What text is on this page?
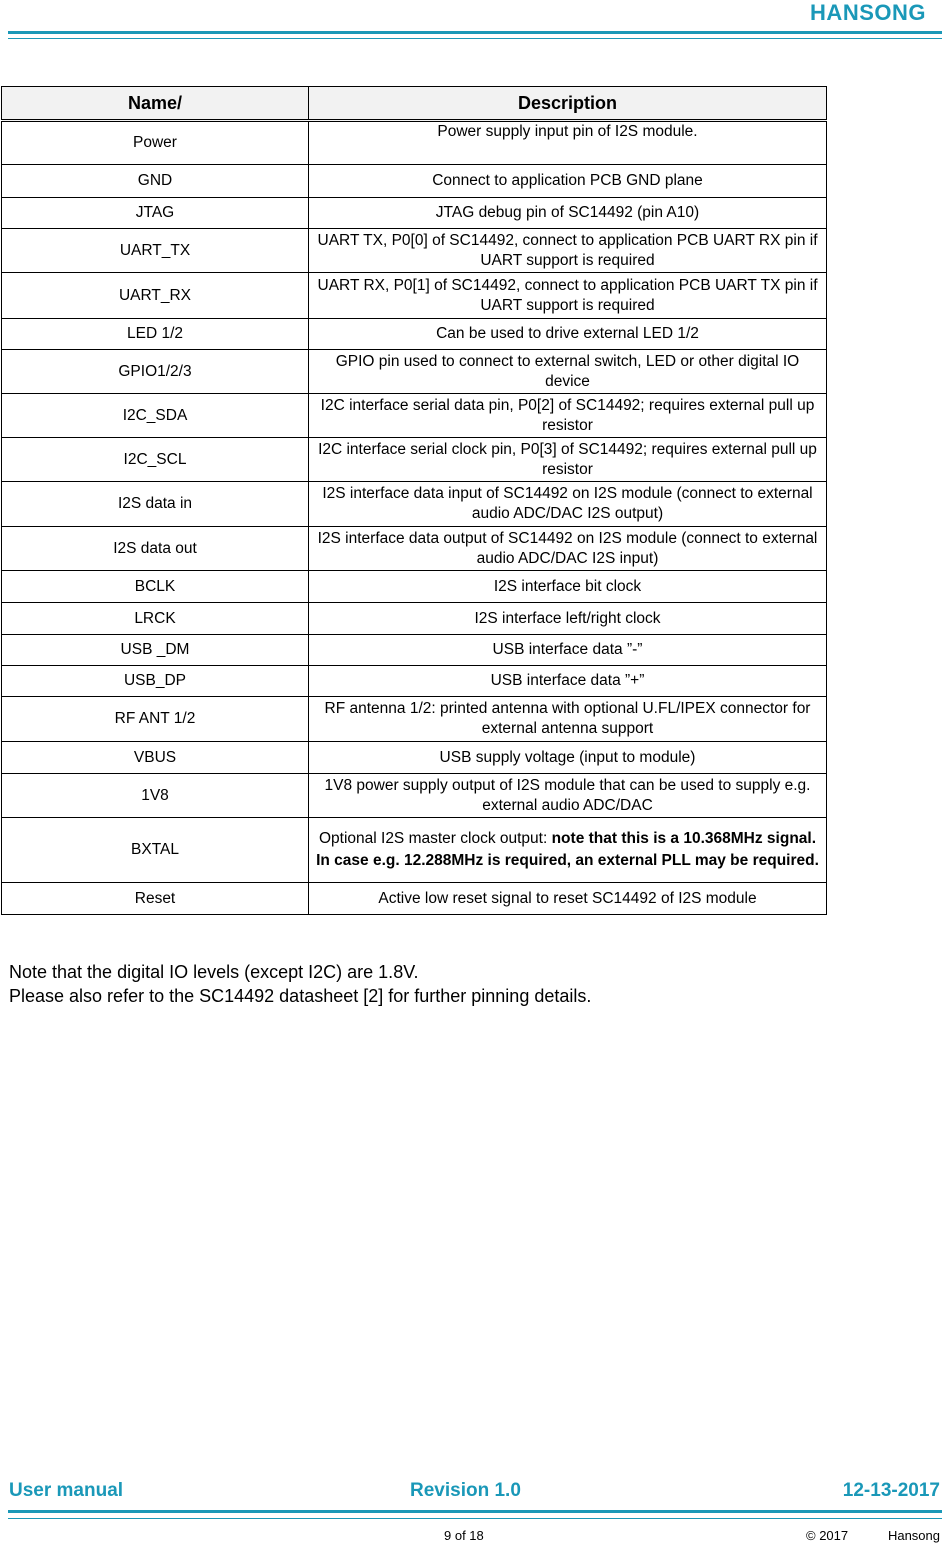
HANSONG
Name/	Description
Power	Power supply input pin of I2S module.
GND	Connect to application PCB GND plane
JTAG	JTAG debug pin of SC14492 (pin A10)
UART_TX	UART TX, P0[0] of SC14492, connect to application PCB UART RX pin if UART support is required
UART_RX	UART RX, P0[1] of SC14492, connect to application PCB UART TX pin if UART support is required
LED 1/2	Can be used to drive external LED 1/2
GPIO1/2/3	GPIO pin used to connect to external switch, LED or other digital IO device
I2C_SDA	I2C interface serial data pin, P0[2] of SC14492; requires external pull up resistor
I2C_SCL	I2C interface serial clock pin, P0[3] of SC14492; requires external pull up resistor
I2S data in	I2S interface data input of SC14492 on I2S module (connect to external audio ADC/DAC I2S output)
I2S data out	I2S interface data output of SC14492 on I2S module (connect to external audio ADC/DAC I2S input)
BCLK	I2S interface bit clock
LRCK	I2S interface left/right clock
USB _DM	USB interface data ”-”
USB_DP	USB interface data ”+”
RF ANT 1/2	RF antenna 1/2: printed antenna with optional U.FL/IPEX connector for external antenna support
VBUS	USB supply voltage (input to module)
1V8	1V8 power supply output of I2S module that can be used to supply e.g. external audio ADC/DAC
BXTAL	Optional I2S master clock output: note that this is a 10.368MHz signal. In case e.g. 12.288MHz is required, an external PLL may be required.
Reset	Active low reset signal to reset SC14492 of I2S module
Note that the digital IO levels (except I2C) are 1.8V.
Please also refer to the SC14492 datasheet [2] for further pinning details.
User manual	Revision 1.0	12-13-2017
9 of 18	© 2017	Hansong
